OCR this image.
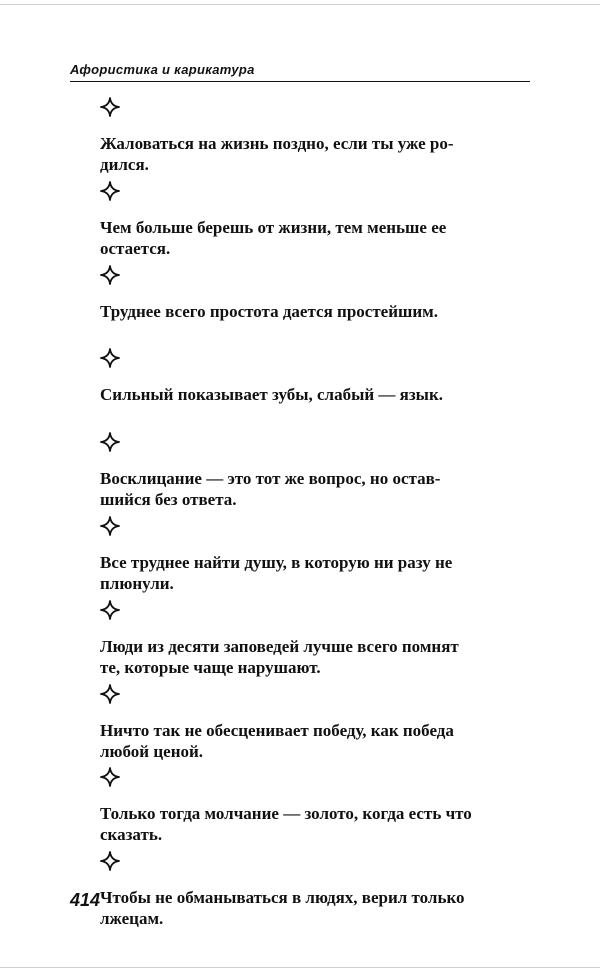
Афористика и карикатура
Жаловаться на жизнь поздно, если ты уже ро-
дился.
Чем больше берешь от жизни, тем меньше ее
остается.
Труднее всего простота дается простейшим.

Сильный показывает зубы, слабый — язык.

Восклицание — это тот же вопрос, но остав-
шийся без ответа.
Все труднее найти душу, в которую ни разу не
плюнули.
Люди из десяти заповедей лучше всего помнят
те, которые чаще нарушают.
Ничто так не обесценивает победу, как победа
любой ценой.
Только тогда молчание — золото, когда есть что
сказать.
Чтобы не обманываться в людях, верил только
лжецам.
414
